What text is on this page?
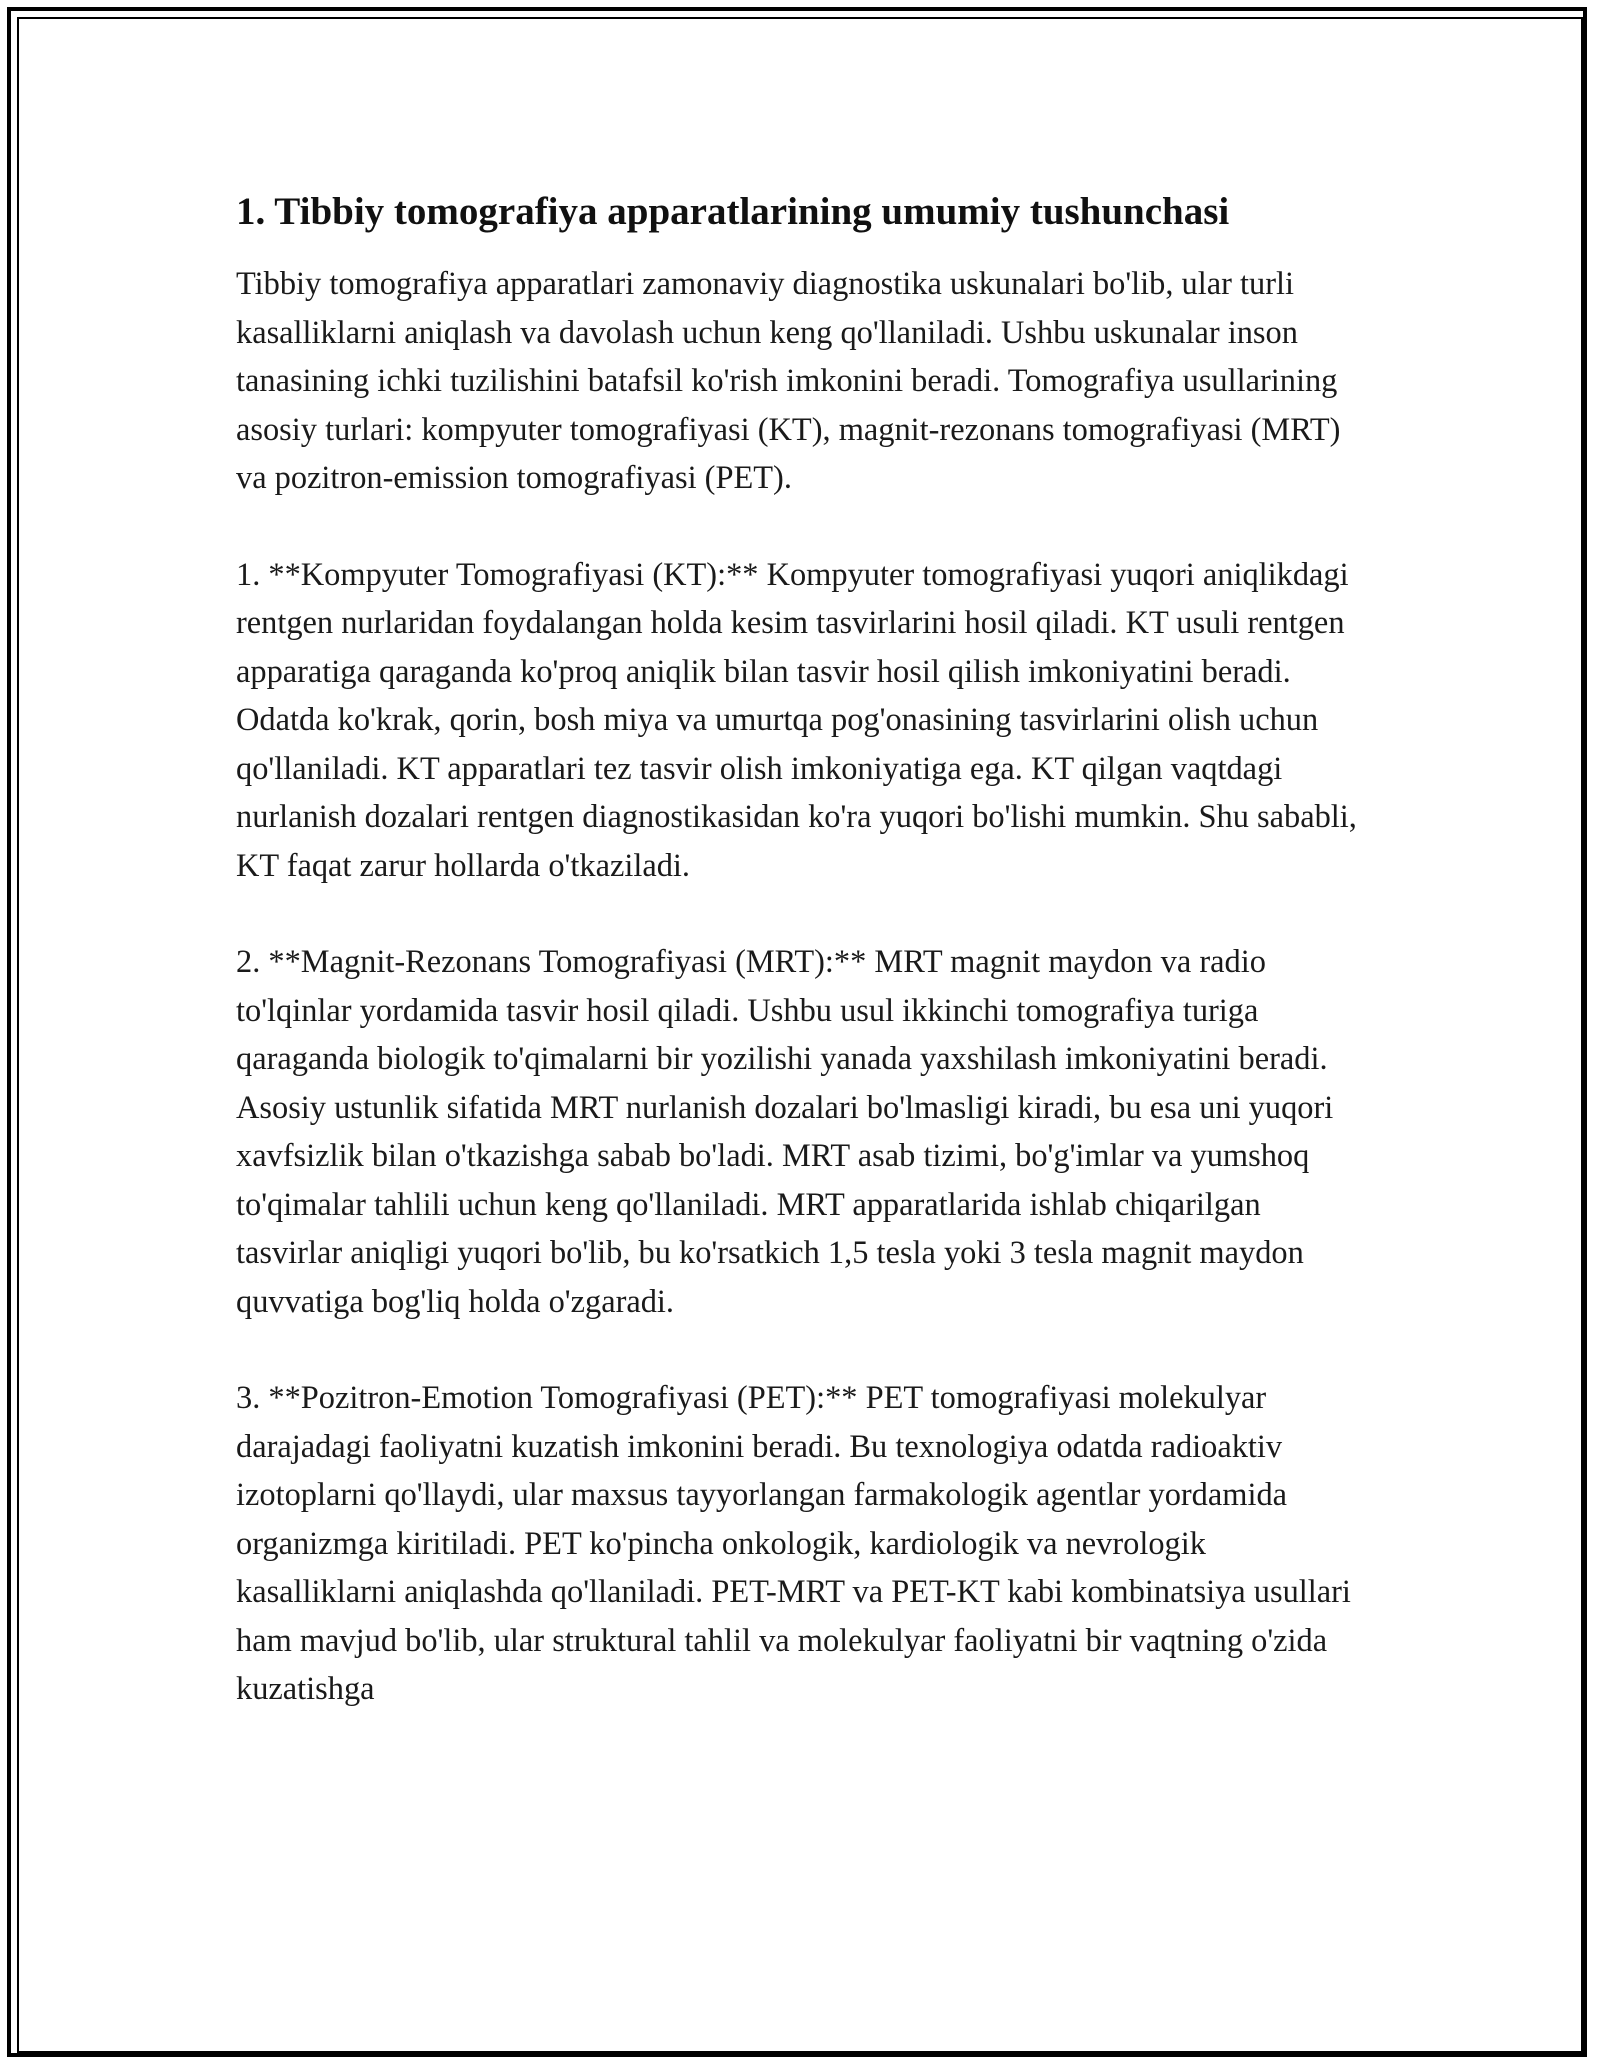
1. Tibbiy tomografiya apparatlarining umumiy tushunchasi

Tibbiy tomografiya apparatlari zamonaviy diagnostika uskunalari bo'lib, ular turli kasalliklarni aniqlash va davolash uchun keng qo'llaniladi. Ushbu uskunalar inson tanasining ichki tuzilishini batafsil ko'rish imkonini beradi. Tomografiya usullarining asosiy turlari: kompyuter tomografiyasi (KT), magnit-rezonans tomografiyasi (MRT) va pozitron-emission tomografiyasi (PET).

1. **Kompyuter Tomografiyasi (KT):** Kompyuter tomografiyasi yuqori aniqlikdagi rentgen nurlaridan foydalangan holda kesim tasvirlarini hosil qiladi. KT usuli rentgen apparatiga qaraganda ko'proq aniqlik bilan tasvir hosil qilish imkoniyatini beradi. Odatda ko'krak, qorin, bosh miya va umurtqa pog'onasining tasvirlarini olish uchun qo'llaniladi. KT apparatlari tez tasvir olish imkoniyatiga ega. KT qilgan vaqtdagi nurlanish dozalari rentgen diagnostikasidan ko'ra yuqori bo'lishi mumkin. Shu sababli, KT faqat zarur hollarda o'tkaziladi.

2. **Magnit-Rezonans Tomografiyasi (MRT):** MRT magnit maydon va radio to'lqinlar yordamida tasvir hosil qiladi. Ushbu usul ikkinchi tomografiya turiga qaraganda biologik to'qimalarni bir yozilishi yanada yaxshilash imkoniyatini beradi. Asosiy ustunlik sifatida MRT nurlanish dozalari bo'lmasligi kiradi, bu esa uni yuqori xavfsizlik bilan o'tkazishga sabab bo'ladi. MRT asab tizimi, bo'g'imlar va yumshoq to'qimalar tahlili uchun keng qo'llaniladi. MRT apparatlarida ishlab chiqarilgan tasvirlar aniqligi yuqori bo'lib, bu ko'rsatkich 1,5 tesla yoki 3 tesla magnit maydon quvvatiga bog'liq holda o'zgaradi.

3. **Pozitron-Emotion Tomografiyasi (PET):** PET tomografiyasi molekulyar darajadagi faoliyatni kuzatish imkonini beradi. Bu texnologiya odatda radioaktiv izotoplarni qo'llaydi, ular maxsus tayyorlangan farmakologik agentlar yordamida organizmga kiritiladi. PET ko'pincha onkologik, kardiologik va nevrologik kasalliklarni aniqlashda qo'llaniladi. PET-MRT va PET-KT kabi kombinatsiya usullari ham mavjud bo'lib, ular struktural tahlil va molekulyar faoliyatni bir vaqtning o'zida kuzatishga
